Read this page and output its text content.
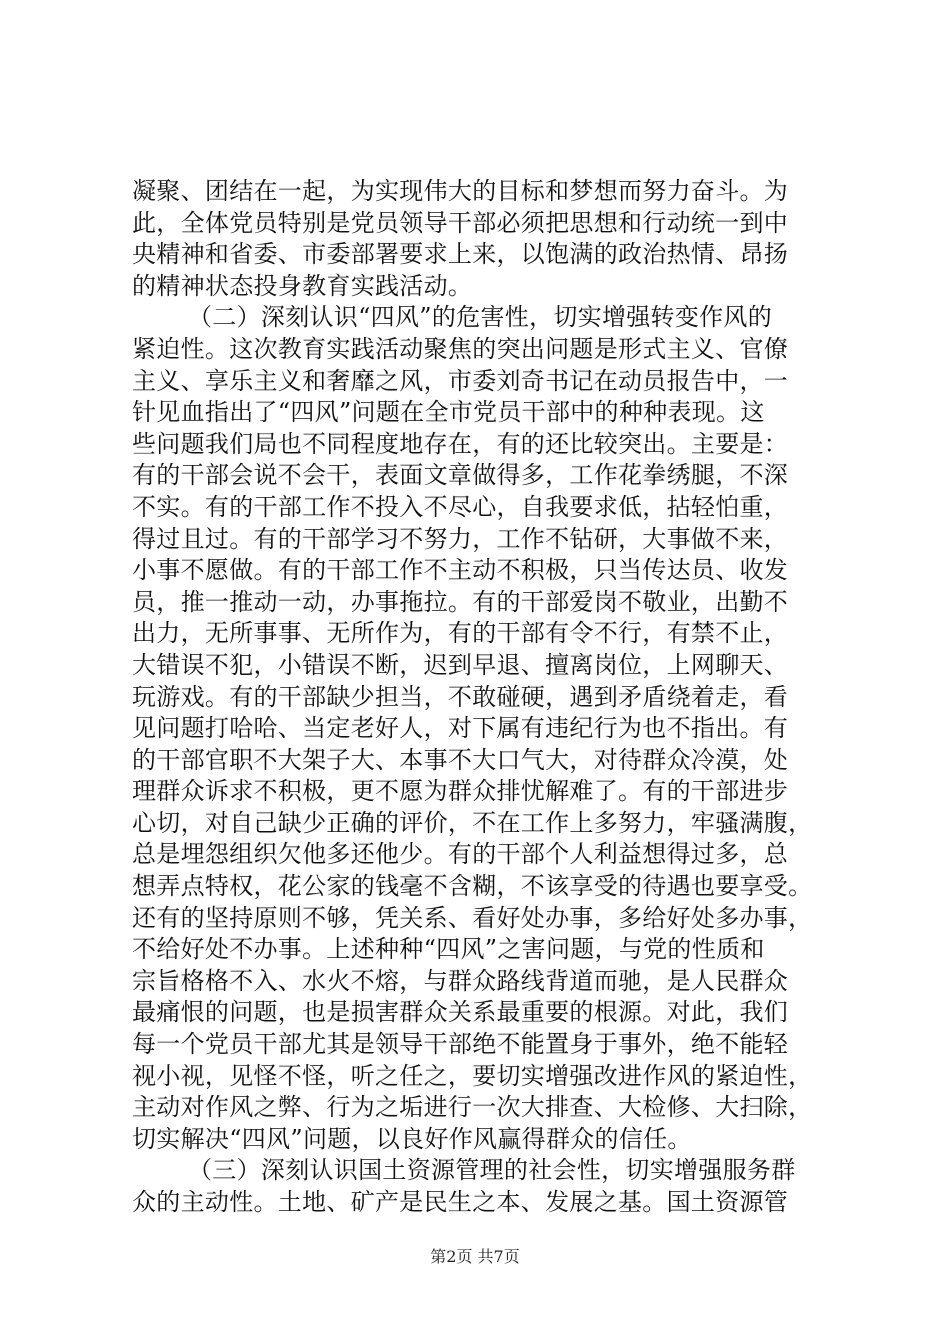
凝聚、团结在一起，为实现伟大的目标和梦想而努力奋斗。为
此，全体党员特别是党员领导干部必须把思想和行动统一到中
央精神和省委、市委部署要求上来，以饱满的政治热情、昂扬
的精神状态投身教育实践活动。
（二）深刻认识“四风”的危害性，切实增强转变作风的
紧迫性。这次教育实践活动聚焦的突出问题是形式主义、官僚
主义、享乐主义和奢靡之风，市委刘奇书记在动员报告中，一
针见血指出了“四风”问题在全市党员干部中的种种表现。这
些问题我们局也不同程度地存在，有的还比较突出。主要是：
有的干部会说不会干，表面文章做得多，工作花拳绣腿，不深
不实。有的干部工作不投入不尽心，自我要求低，拈轻怕重，
得过且过。有的干部学习不努力，工作不钻研，大事做不来，
小事不愿做。有的干部工作不主动不积极，只当传达员、收发
员，推一推动一动，办事拖拉。有的干部爱岗不敬业，出勤不
出力，无所事事、无所作为，有的干部有令不行，有禁不止，
大错误不犯，小错误不断，迟到早退、擅离岗位，上网聊天、
玩游戏。有的干部缺少担当，不敢碰硬，遇到矛盾绕着走，看
见问题打哈哈、当定老好人，对下属有违纪行为也不指出。有
的干部官职不大架子大、本事不大口气大，对待群众冷漠，处
理群众诉求不积极，更不愿为群众排忧解难了。有的干部进步
心切，对自己缺少正确的评价，不在工作上多努力，牢骚满腹，
总是埋怨组织欠他多还他少。有的干部个人利益想得过多，总
想弄点特权，花公家的钱毫不含糊，不该享受的待遇也要享受。
还有的坚持原则不够，凭关系、看好处办事，多给好处多办事，
不给好处不办事。上述种种“四风”之害问题，与党的性质和
宗旨格格不入、水火不熔，与群众路线背道而驰，是人民群众
最痛恨的问题，也是损害群众关系最重要的根源。对此，我们
每一个党员干部尤其是领导干部绝不能置身于事外，绝不能轻
视小视，见怪不怪，听之任之，要切实增强改进作风的紧迫性，
主动对作风之弊、行为之垢进行一次大排查、大检修、大扫除，
切实解决“四风”问题，以良好作风赢得群众的信任。
（三）深刻认识国土资源管理的社会性，切实增强服务群
众的主动性。土地、矿产是民生之本、发展之基。国土资源管
第2页 共7页
